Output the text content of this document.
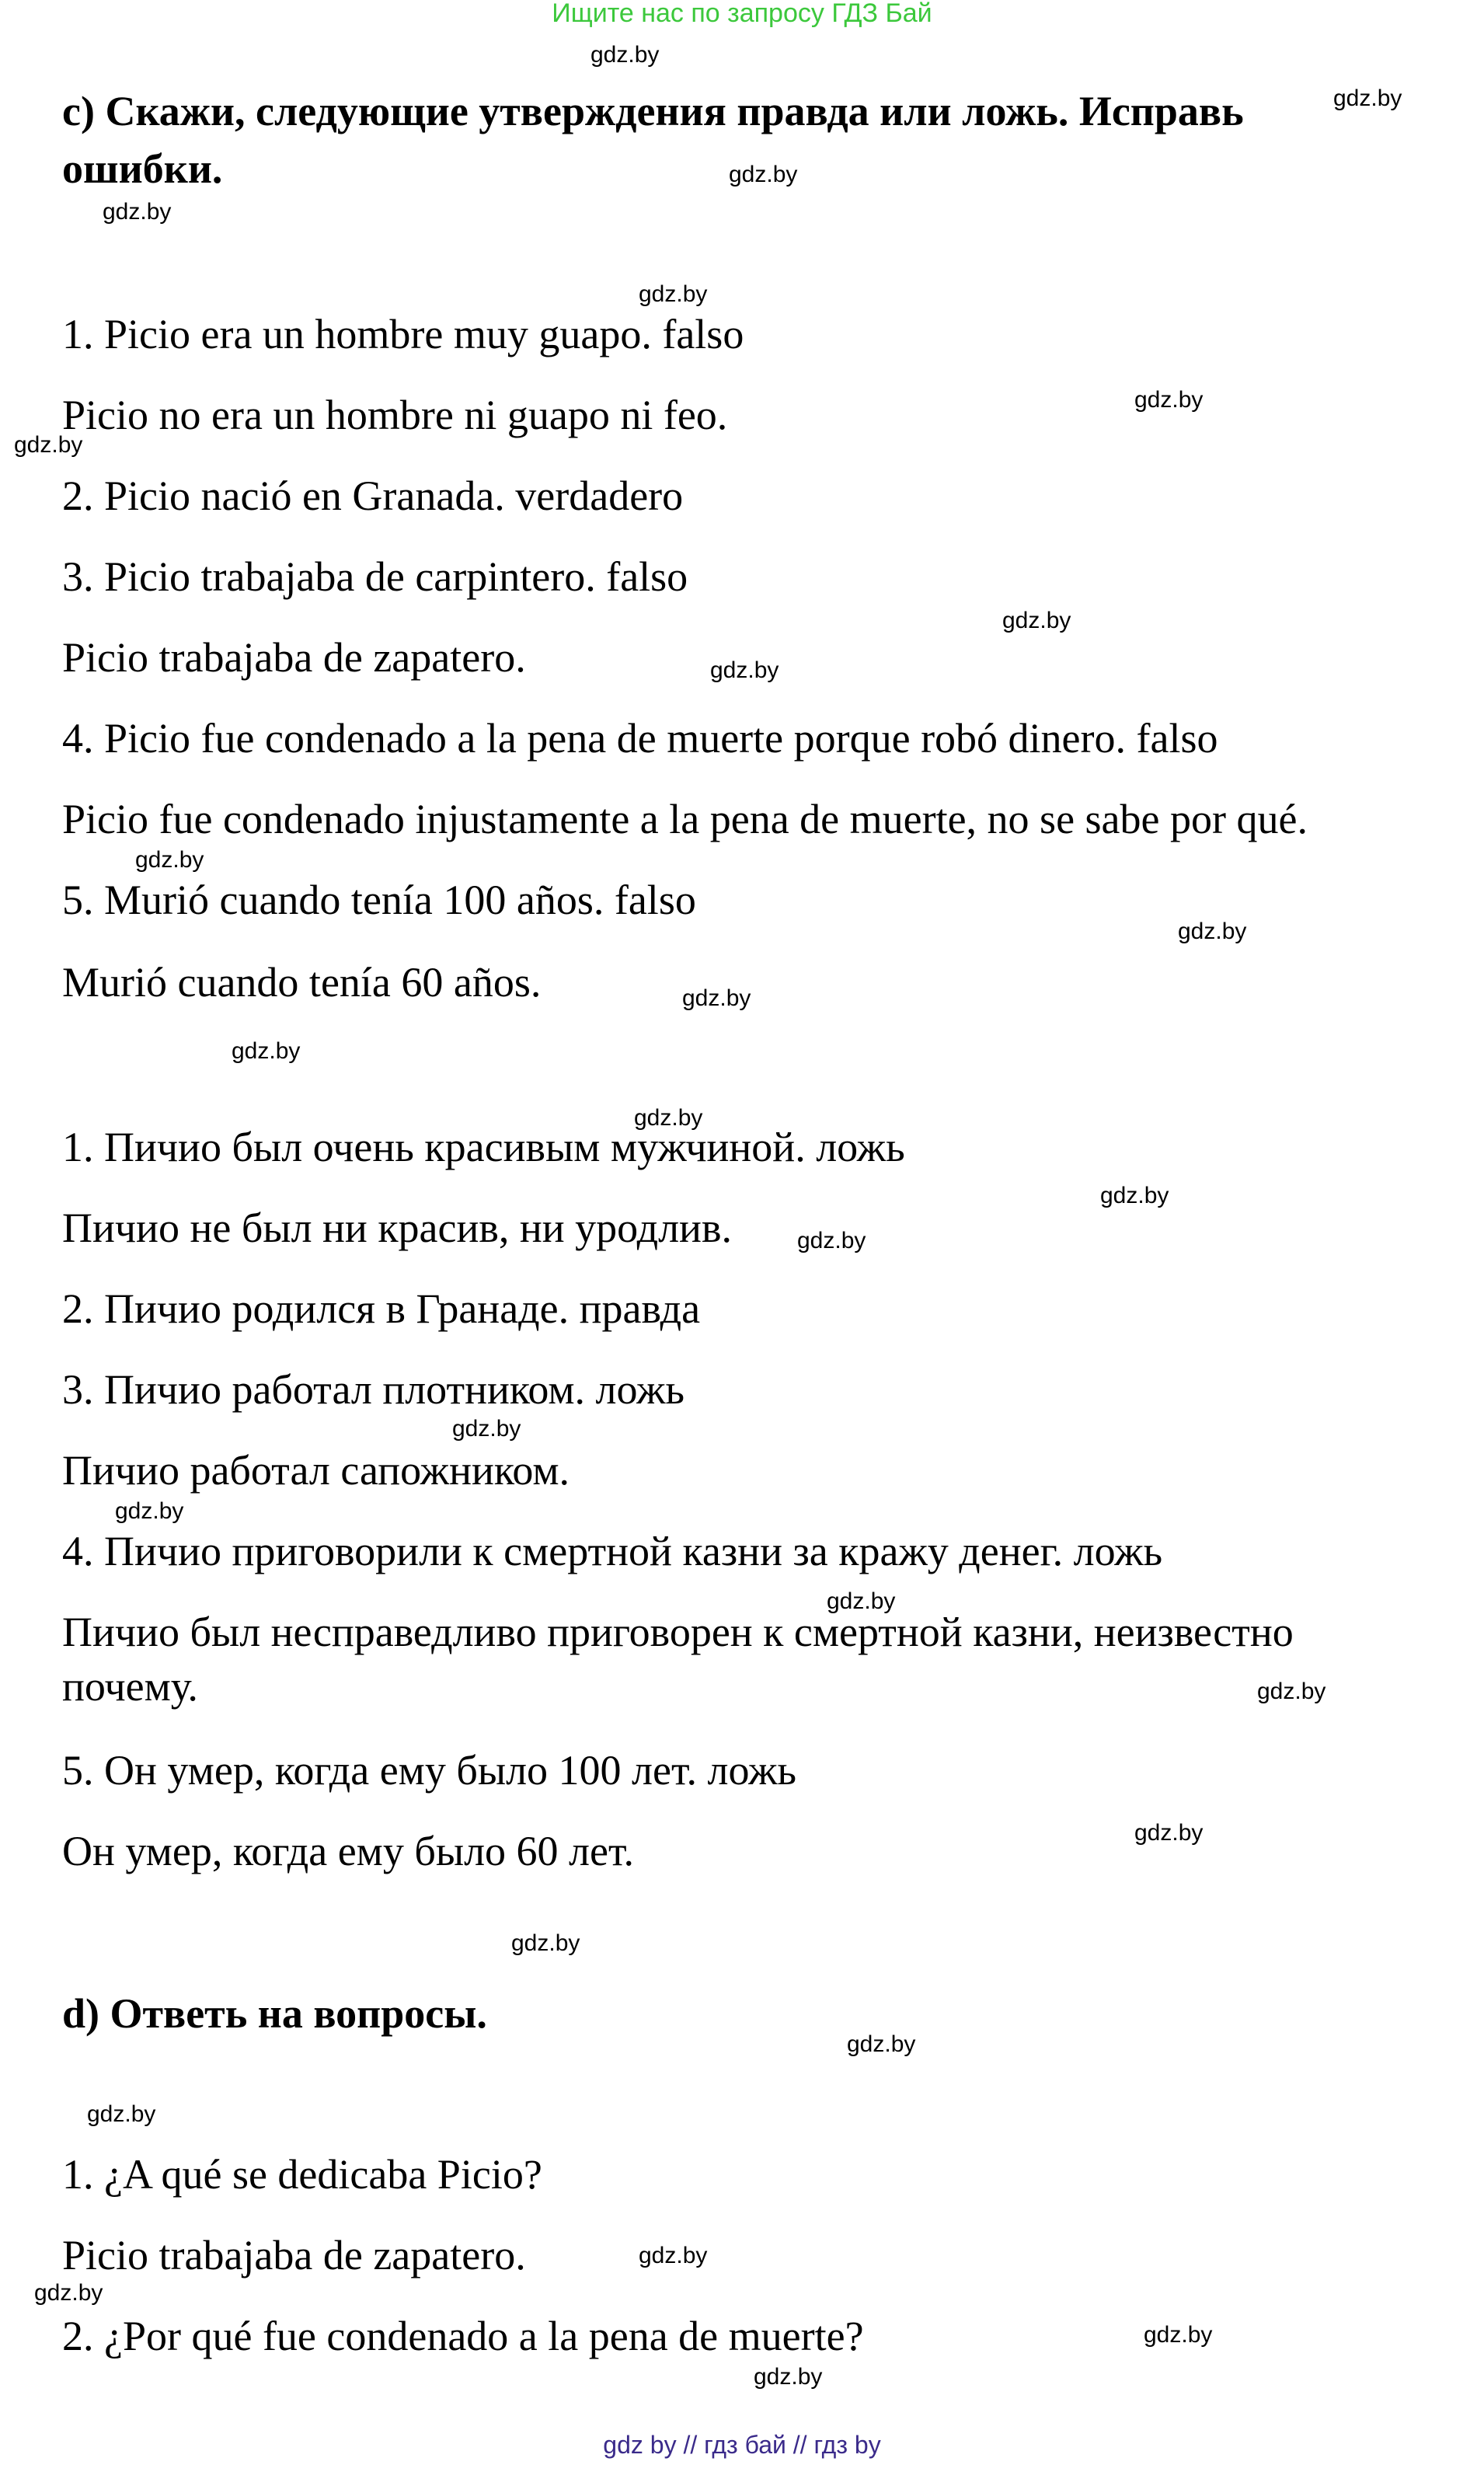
Ищите нас по запросу ГДЗ Бай
c) Скажи, следующие утверждения правда или ложь. Исправь ошибки.
1. Picio era un hombre muy guapo. falso
Picio no era un hombre ni guapo ni feo.
2. Picio nació en Granada. verdadero
3. Picio trabajaba de carpintero. falso
Picio trabajaba de zapatero.
4. Picio fue condenado a la pena de muerte porque robó dinero. falso
Picio fue condenado injustamente a la pena de muerte, no se sabe por qué.
5. Murió cuando tenía 100 años. falso
Murió cuando tenía 60 años.
1. Пичио был очень красивым мужчиной. ложь
Пичио не был ни красив, ни уродлив.
2. Пичио родился в Гранаде. правда
3. Пичио работал плотником. ложь
Пичио работал сапожником.
4. Пичио приговорили к смертной казни за кражу денег. ложь
Пичио был несправедливо приговорен к смертной казни, неизвестно
почему.
5. Он умер, когда ему было 100 лет. ложь
Он умер, когда ему было 60 лет.
d) Ответь на вопросы.
1. ¿A qué se dedicaba Picio?
Picio trabajaba de zapatero.
2. ¿Por qué fue condenado a la pena de muerte?
gdz.by
gdz.by
gdz.by
gdz.by
gdz.by
gdz.by
gdz.by
gdz.by
gdz.by
gdz.by
gdz.by
gdz.by
gdz.by
gdz.by
gdz.by
gdz.by
gdz.by
gdz.by
gdz.by
gdz.by
gdz.by
gdz.by
gdz.by
gdz.by
gdz.by
gdz.by
gdz.by
gdz.by
gdz by // гдз бай // гдз by
